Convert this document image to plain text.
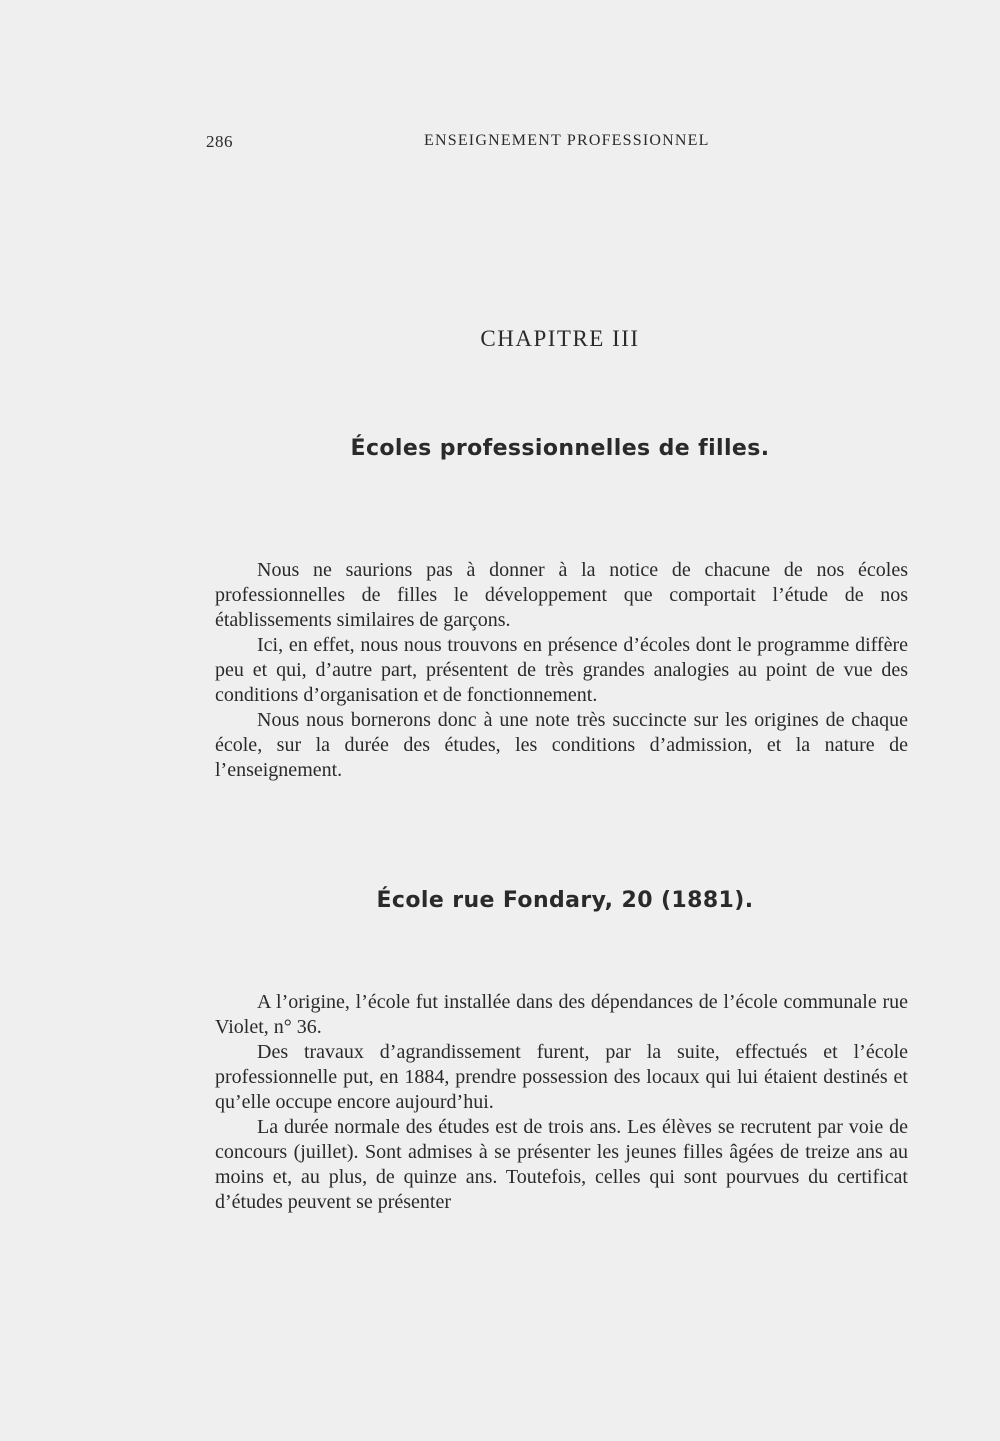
286	ENSEIGNEMENT PROFESSIONNEL
CHAPITRE III
Écoles professionnelles de filles.

Nous ne saurions pas à donner à la notice de chacune de nos écoles professionnelles de filles le développement que comportait l’étude de nos établissements similaires de garçons.

Ici, en effet, nous nous trouvons en présence d’écoles dont le programme diffère peu et qui, d’autre part, présentent de très grandes analogies au point de vue des conditions d’organisation et de fonctionnement.

Nous nous bornerons donc à une note très succincte sur les origines de chaque école, sur la durée des études, les conditions d’admission, et la nature de l’enseignement.

École rue Fondary, 20 (1881).

A l’origine, l’école fut installée dans des dépendances de l’école communale rue Violet, n° 36.

Des travaux d’agrandissement furent, par la suite, effectués et l’école professionnelle put, en 1884, prendre possession des locaux qui lui étaient destinés et qu’elle occupe encore aujourd’hui.

La durée normale des études est de trois ans. Les élèves se recrutent par voie de concours (juillet). Sont admises à se présenter les jeunes filles âgées de treize ans au moins et, au plus, de quinze ans. Toutefois, celles qui sont pourvues du certificat d’études peuvent se présenter
